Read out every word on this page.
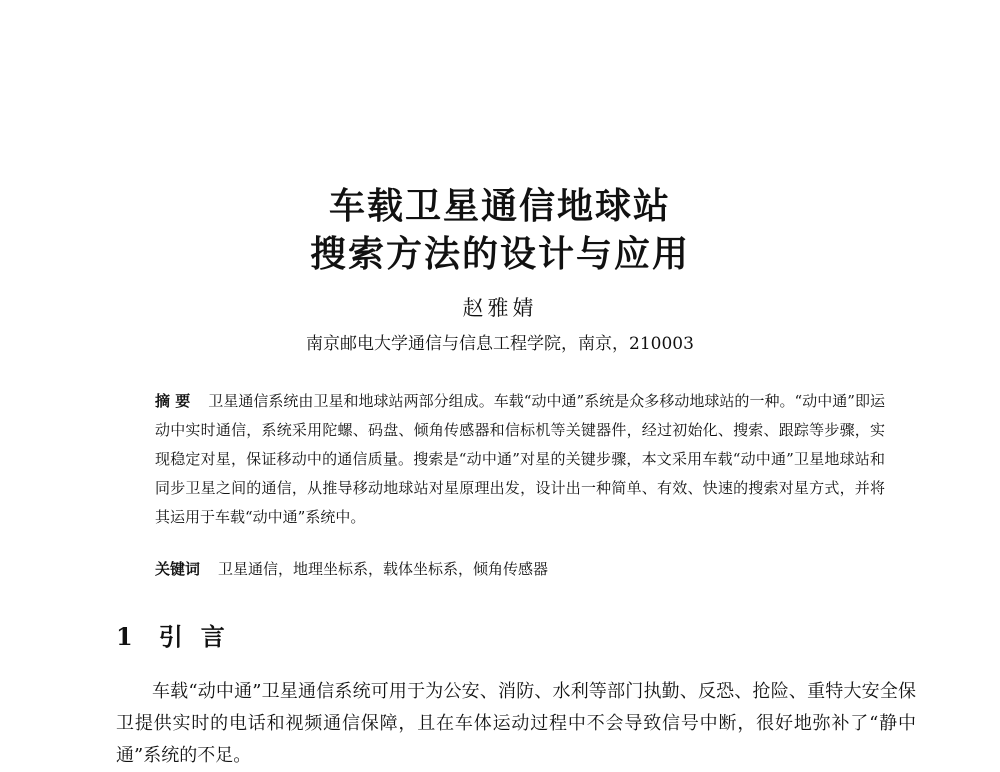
车载卫星通信地球站
搜索方法的设计与应用
赵雅婧
南京邮电大学通信与信息工程学院，南京，210003
摘 要 卫星通信系统由卫星和地球站两部分组成。车载“动中通”系统是众多移动地球站的一种。“动中通”即运动中实时通信，系统采用陀螺、码盘、倾角传感器和信标机等关键器件，经过初始化、搜索、跟踪等步骤，实现稳定对星，保证移动中的通信质量。搜索是“动中通”对星的关键步骤，本文采用车载“动中通”卫星地球站和同步卫星之间的通信，从推导移动地球站对星原理出发，设计出一种简单、有效、快速的搜索对星方式，并将其运用于车载“动中通”系统中。
关键词 卫星通信，地理坐标系，载体坐标系，倾角传感器
1 引言

车载“动中通”卫星通信系统可用于为公安、消防、水利等部门执勤、反恐、抢险、重特大安全保卫提供实时的电话和视频通信保障，且在车体运动过程中不会导致信号中断，很好地弥补了“静中通”系统的不足。
